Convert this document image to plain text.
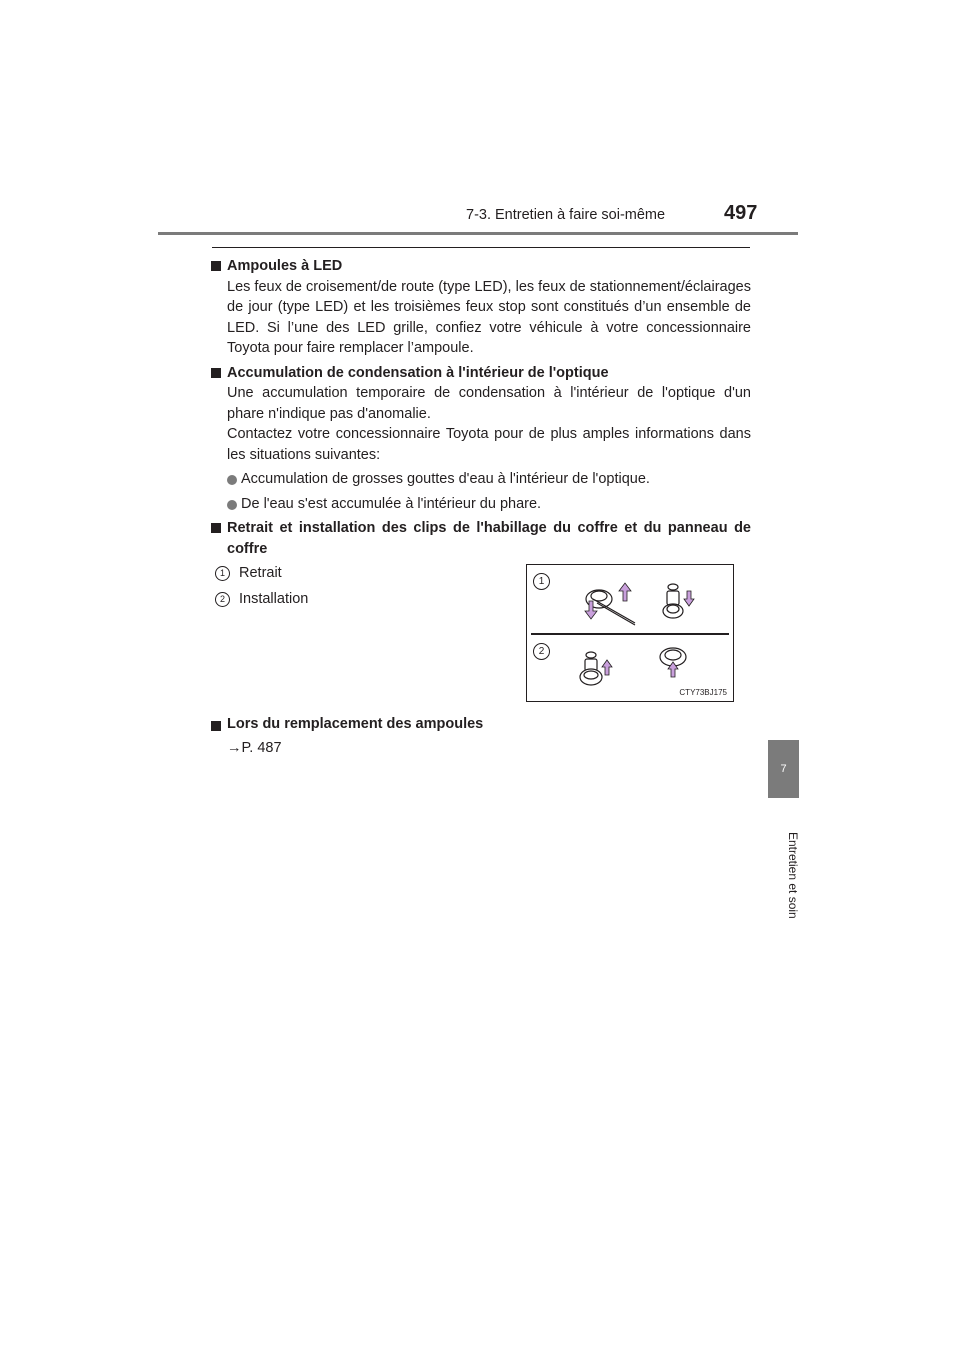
7-3. Entretien à faire soi-même	497
7
Entretien et soin
Ampoules à LED

Les feux de croisement/de route (type LED), les feux de stationnement/éclairages de jour (type LED) et les troisièmes feux stop sont constitués d’un ensemble de LED. Si l’une des LED grille, confiez votre véhicule à votre concessionnaire Toyota pour faire remplacer l’ampoule.

Accumulation de condensation à l'intérieur de l'optique

Une accumulation temporaire de condensation à l'intérieur de l'optique d'un phare n'indique pas d'anomalie.

Contactez votre concessionnaire Toyota pour de plus amples informations dans les situations suivantes:

Accumulation de grosses gouttes d'eau à l'intérieur de l'optique.
De l'eau s'est accumulée à l'intérieur du phare.
Retrait et installation des clips de l'habillage du coffre et du panneau de coffre
1 Retrait
2 Installation
1
2
CTY73BJ175
Lors du remplacement des ampoules
→P. 487
